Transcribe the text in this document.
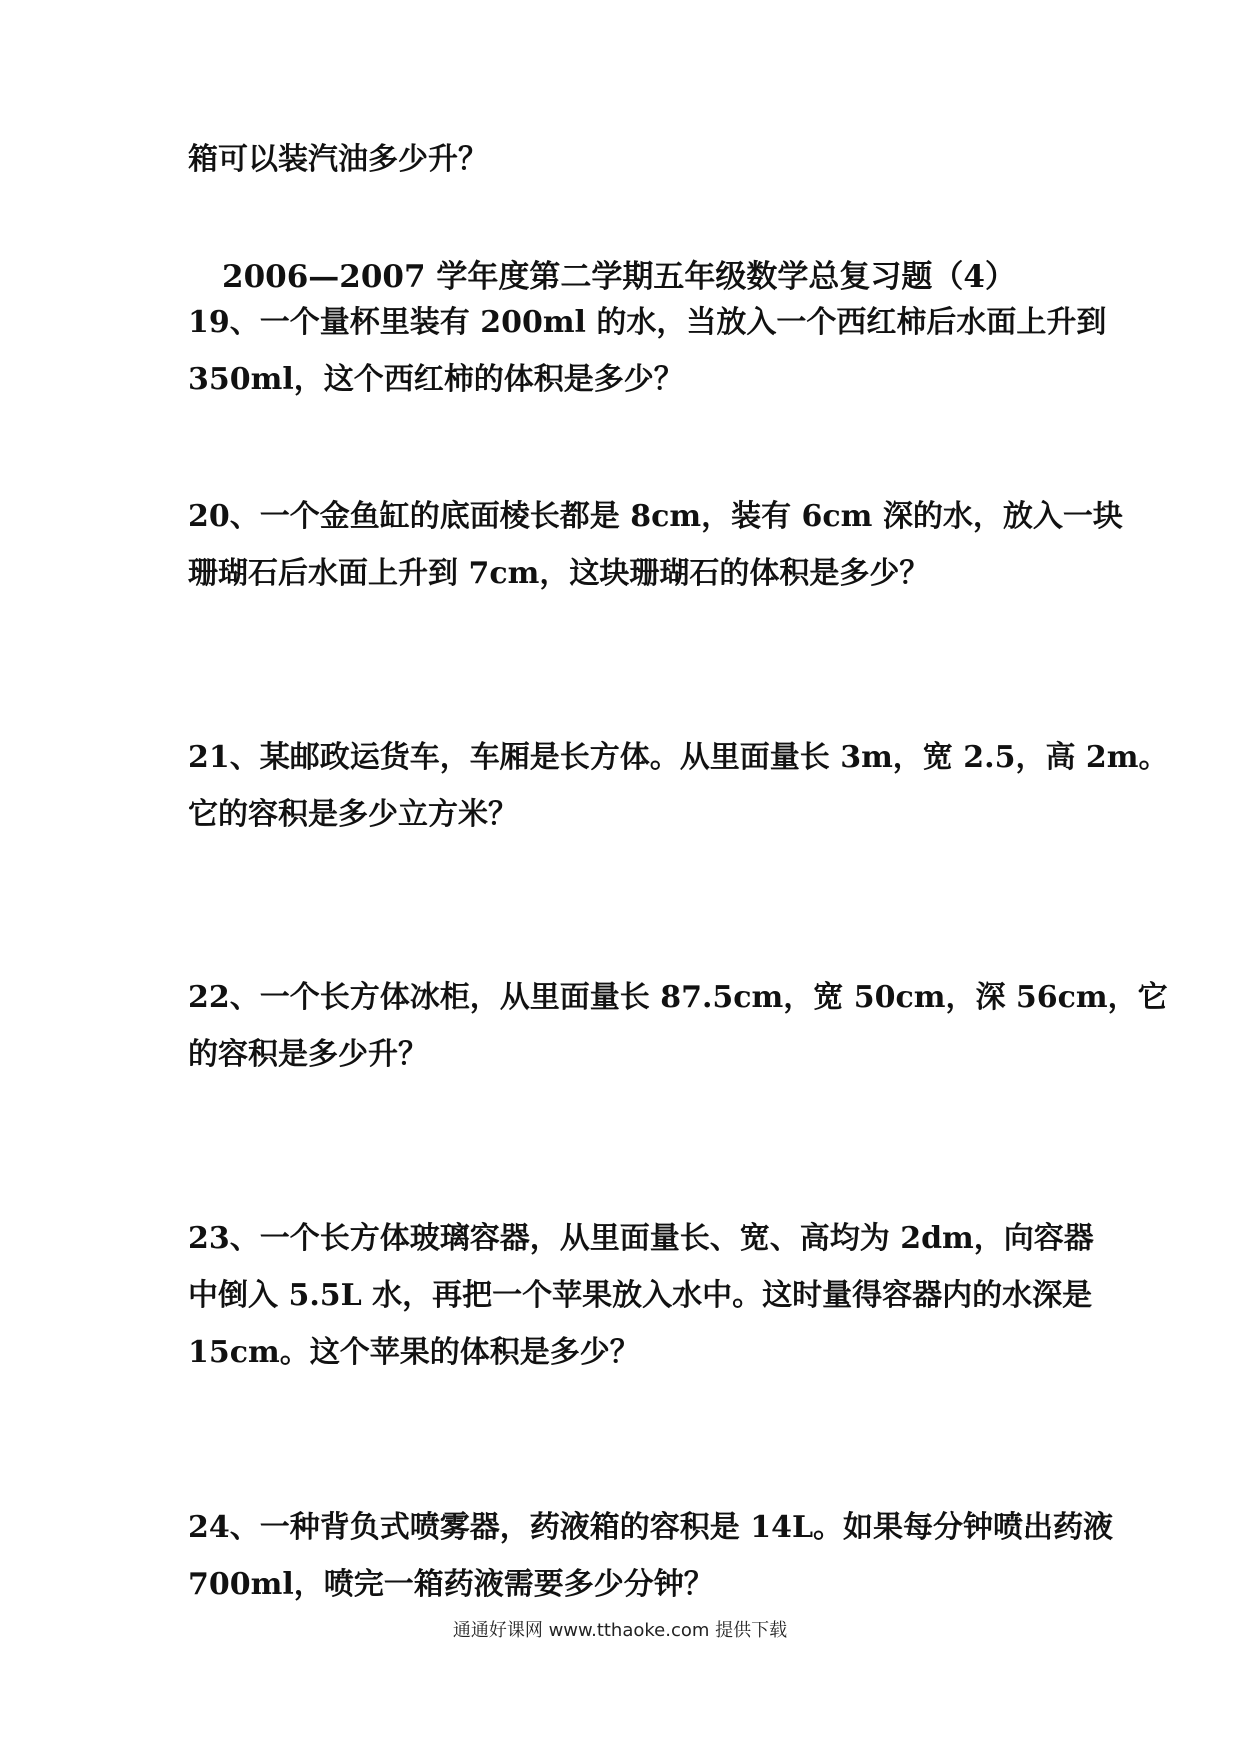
箱可以装汽油多少升？
2006—2007 学年度第二学期五年级数学总复习题（4）
19、一个量杯里装有 200ml 的水，当放入一个西红柿后水面上升到
350ml，这个西红柿的体积是多少？
20、一个金鱼缸的底面棱长都是 8cm，装有 6cm 深的水，放入一块
珊瑚石后水面上升到 7cm，这块珊瑚石的体积是多少？
21、某邮政运货车，车厢是长方体。从里面量长 3m，宽 2.5，高 2m。
它的容积是多少立方米？
22、一个长方体冰柜，从里面量长 87.5cm，宽 50cm，深 56cm，它
的容积是多少升？
23、一个长方体玻璃容器，从里面量长、宽、高均为 2dm，向容器
中倒入 5.5L 水，再把一个苹果放入水中。这时量得容器内的水深是
15cm。这个苹果的体积是多少？
24、一种背负式喷雾器，药液箱的容积是 14L。如果每分钟喷出药液
700ml，喷完一箱药液需要多少分钟？
通通好课网 www.tthaoke.com 提供下载
